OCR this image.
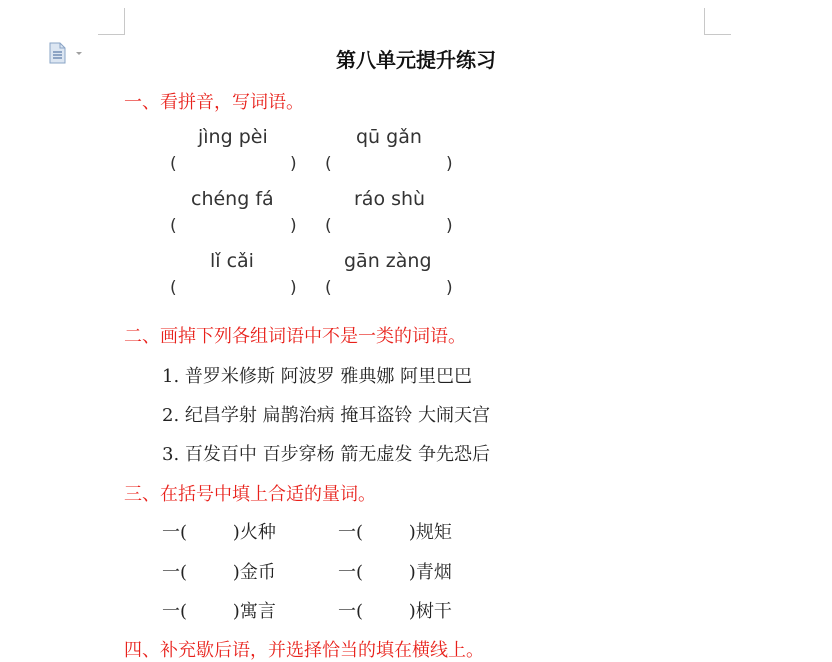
第八单元提升练习
一、看拼音，写词语。
jìng pèi	qū gǎn
(	) (	)
chéng fá	ráo shù
(	) (	)
lǐ cǎi	gān zàng
(	) (	)
二、画掉下列各组词语中不是一类的词语。
1. 普罗米修斯 阿波罗 雅典娜 阿里巴巴
2. 纪昌学射 扁鹊治病 掩耳盗铃 大闹天宫
3. 百发百中 百步穿杨 箭无虚发 争先恐后
三、在括号中填上合适的量词。
一(        )火种	一(        )规矩
一(        )金币	一(        )青烟
一(        )寓言	一(        )树干
四、补充歇后语，并选择恰当的填在横线上。
